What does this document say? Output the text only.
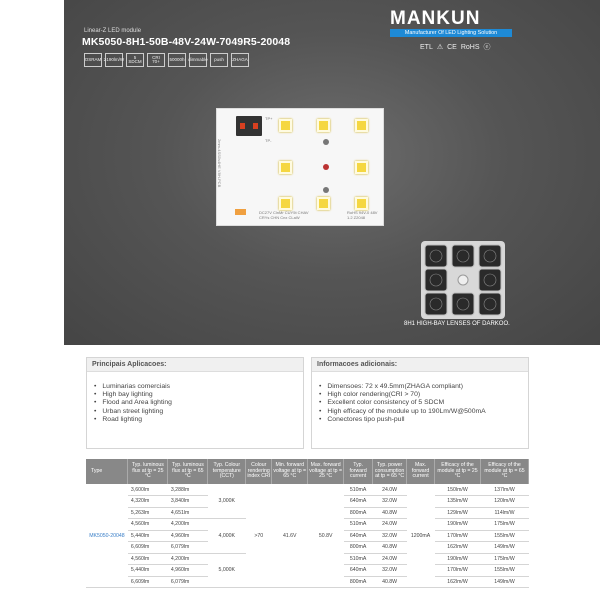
Linear-Z LED module
MK5050-8H1-50B-48V-24W-7049R5-20048
OSRAM ≥190lm/W	5 SDCM
CRI 70+	50000h dimmable	push	ZHAGA
MANKUN
Manufacturer Of LED Lighting Solution
ETL ⚠ CE RoHS ⓔ
TP+
TP-
2mm-4SS0s4HE V8H-PCB
DC27V ClnMr CUY5t CHAV CRYs CHN Cnx CLaW
RoHS 94V-0 48V 1.2 Z2048
8H1 HIGH-BAY LENSES OF DARKOO.
Principais Aplicacoes:
• Luminarias comerciais
• High bay lighting
• Flood and Area lighting
• Urban street lighting
• Road lighting
Informacoes adicionais:
• Dimensoes: 72 x 49.5mm(ZHAGA compliant)
• High color rendering(CRI > 70)
• Excellent color consistency of 5 SDCM
• High efficacy of the module up to 190Lm/W@500mA
• Conectores tipo push-pull
Type	Typ. luminous flux at tp = 25 °C	Typ. luminous flux at tp = 65 °C	Typ. Colour temperature (CCT)	Colour rendering index CRI	Min. forward voltage at tp = 65 °C	Max. forward voltage at tp = 25 °C	Typ. forward current	Typ. power consumption at tp = 65 °C	Max. forward current	Efficacy of the module at tp = 25 °C	Efficacy of the module at tp = 65 °C
MK5050-20048	3,600lm	3,288lm	3,000K	>70	41.6V	50.8V	510mA	24.0W	1200mA	150lm/W	137lm/W
	4,320lm	3,840lm					640mA	32.0W		135lm/W	120lm/W
	5,263lm	4,651lm					800mA	40.8W		129lm/W	114lm/W
	4,560lm	4,200lm	4,000K				510mA	24.0W		190lm/W	175lm/W
	5,440lm	4,960lm					640mA	32.0W		170lm/W	155lm/W
	6,609lm	6,079lm					800mA	40.8W		162lm/W	149lm/W
	4,560lm	4,200lm	5,000K				510mA	24.0W		190lm/W	175lm/W
	5,440lm	4,960lm					640mA	32.0W		170lm/W	155lm/W
	6,609lm	6,079lm					800mA	40.8W		162lm/W	149lm/W
